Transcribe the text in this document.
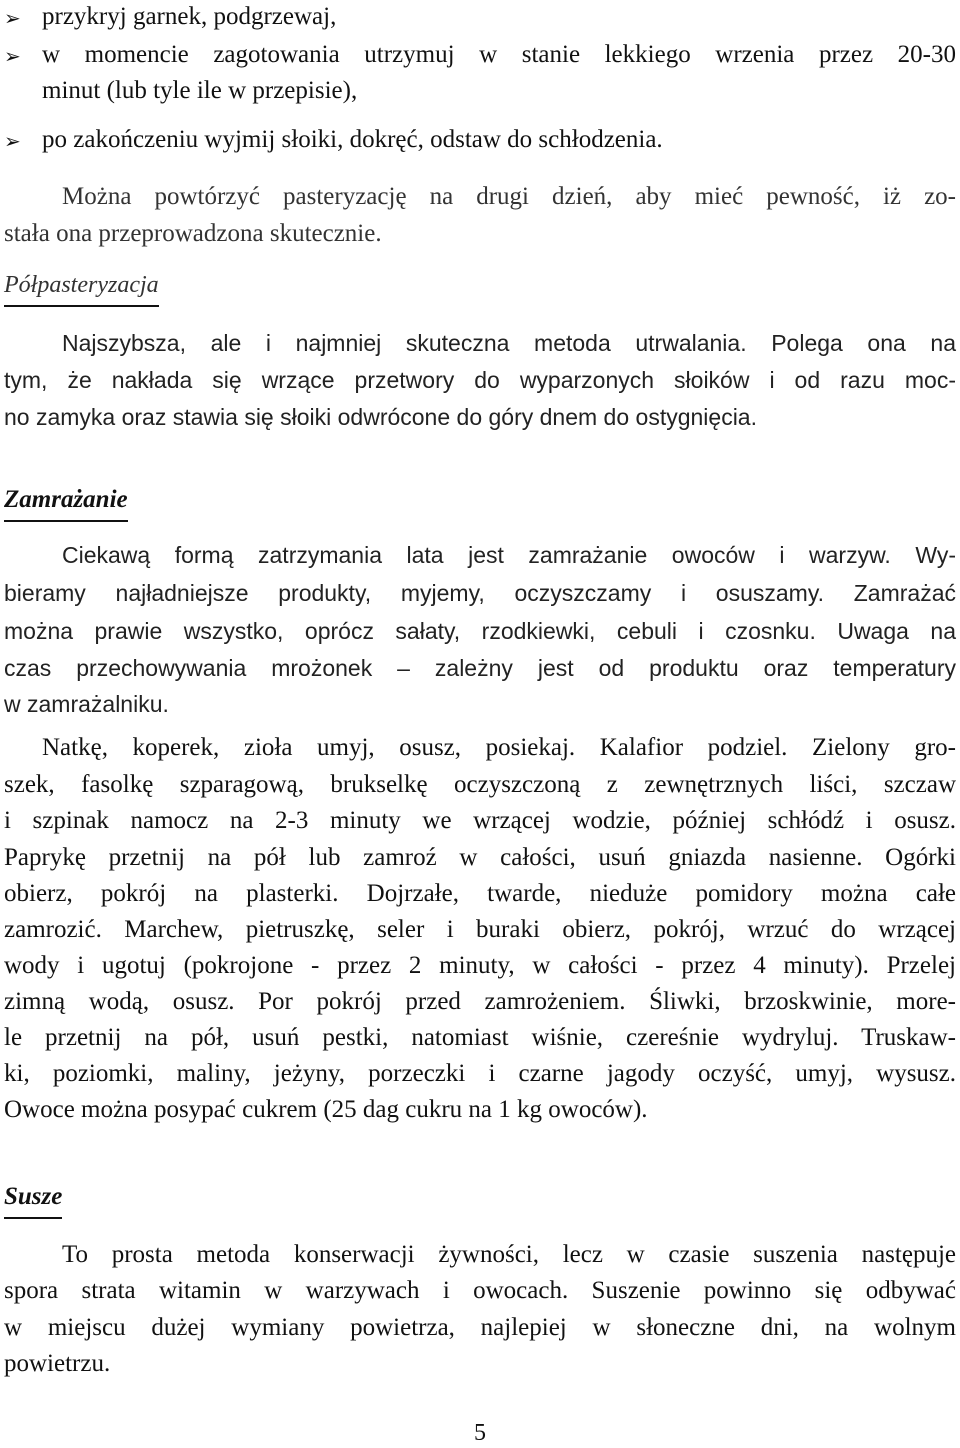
➢ przykryj garnek, podgrzewaj,
➢ w momencie zagotowania utrzymuj w stanie lekkiego wrzenia przez 20-30
minut (lub tyle ile w przepisie),
➢ po zakończeniu wyjmij słoiki, dokręć, odstaw do schłodzenia.
Można powtórzyć pasteryzację na drugi dzień, aby mieć pewność, iż zo-
stała ona przeprowadzona skutecznie.
Półpasteryzacja
Najszybsza, ale i najmniej skuteczna metoda utrwalania. Polega ona na
tym, że nakłada się wrzące przetwory do wyparzonych słoików i od razu moc-
no zamyka oraz stawia się słoiki odwrócone do góry dnem do ostygnięcia.
Zamrażanie
Ciekawą formą zatrzymania lata jest zamrażanie owoców i warzyw. Wy-
bieramy najładniejsze produkty, myjemy, oczyszczamy i osuszamy. Zamrażać
można prawie wszystko, oprócz sałaty, rzodkiewki, cebuli i czosnku. Uwaga na
czas przechowywania mrożonek – zależny jest od produktu oraz temperatury
w zamrażalniku.
Natkę, koperek, zioła umyj, osusz, posiekaj. Kalafior podziel. Zielony gro-
szek, fasolkę szparagową, brukselkę oczyszczoną z zewnętrznych liści, szczaw
i szpinak namocz na 2-3 minuty we wrzącej wodzie, później schłódź i osusz.
Paprykę przetnij na pół lub zamroź w całości, usuń gniazda nasienne. Ogórki
obierz, pokrój na plasterki. Dojrzałe, twarde, nieduże pomidory można całe
zamrozić. Marchew, pietruszkę, seler i buraki obierz, pokrój, wrzuć do wrzącej
wody i ugotuj (pokrojone - przez 2 minuty, w całości - przez 4 minuty). Przelej
zimną wodą, osusz. Por pokrój przed zamrożeniem. Śliwki, brzoskwinie, more-
le przetnij na pół, usuń pestki, natomiast wiśnie, czereśnie wydryluj. Truskaw-
ki, poziomki, maliny, jeżyny, porzeczki i czarne jagody oczyść, umyj, wysusz.
Owoce można posypać cukrem (25 dag cukru na 1 kg owoców).
Susze
To prosta metoda konserwacji żywności, lecz w czasie suszenia następuje
spora strata witamin w warzywach i owocach. Suszenie powinno się odbywać
w miejscu dużej wymiany powietrza, najlepiej w słoneczne dni, na wolnym
powietrzu.
5
